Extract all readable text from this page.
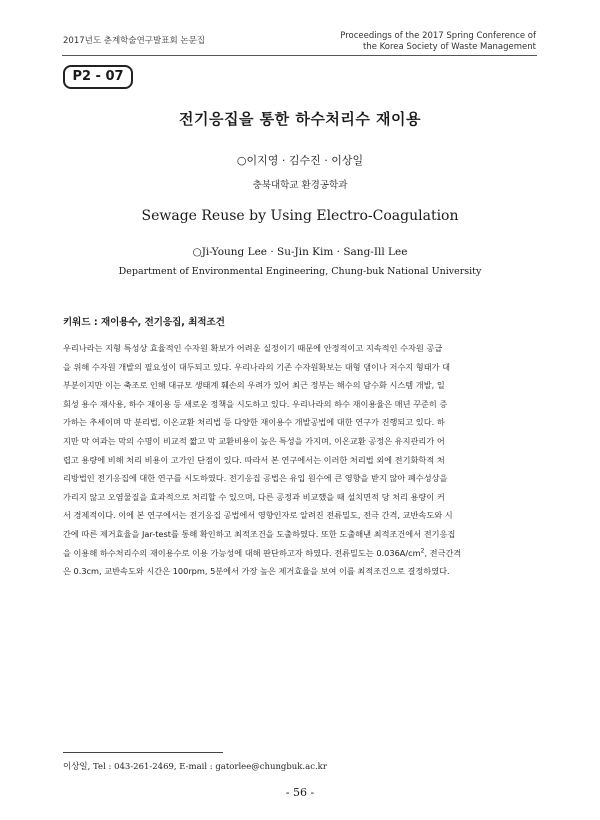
2017년도 춘계학술연구발표회 논문집	Proceedings of the 2017 Spring Conference of
the Korea Society of Waste Management
P2 - 07
전기응집을 통한 하수처리수 재이용
○이지영 · 김수진 · 이상일
충북대학교 환경공학과
Sewage Reuse by Using Electro-Coagulation
○Ji-Young Lee · Su-Jin Kim · Sang-Ill Lee
Department of Environmental Engineering, Chung-buk National University
키워드 : 재이용수, 전기응집, 최적조건
우리나라는 지형 특성상 효율적인 수자원 확보가 어려운 실정이기 때문에 안정적이고 지속적인 수자원 공급
을 위해 수자원 개발의 필요성이 대두되고 있다. 우리나라의 기존 수자원확보는 대형 댐이나 저수지 형태가 대
부분이지만 이는 축조로 인해 대규모 생태계 훼손의 우려가 있어 최근 정부는 해수의 담수화 시스템 개발, 일
회성 용수 재사용, 하수 재이용 등 새로운 정책을 시도하고 있다. 우리나라의 하수 재이용율은 매년 꾸준히 증
가하는 추세이며 막 분리법, 이온교환 처리법 등 다양한 재이용수 개발공법에 대한 연구가 진행되고 있다. 하
지만 막 여과는 막의 수명이 비교적 짧고 막 교환비용이 높은 특성을 가지며, 이온교환 공정은 유지관리가 어
렵고 용량에 비해 처리 비용이 고가인 단점이 있다. 따라서 본 연구에서는 이러한 처리법 외에 전기화학적 처
리방법인 전기응집에 대한 연구를 시도하였다. 전기응집 공법은 유입 원수에 큰 영향을 받지 않아 폐수성상을
가리지 않고 오염물질을 효과적으로 처리할 수 있으며, 다른 공정과 비교했을 때 설치면적 당 처리 용량이 커
서 경제적이다. 이에 본 연구에서는 전기응집 공법에서 영향인자로 알려진 전류밀도, 전극 간격, 교반속도와 시
간에 따른 제거효율을 Jar-test를 통해 확인하고 최적조건을 도출하였다. 또한 도출해낸 최적조건에서 전기응집
을 이용해 하수처리수의 재이용수로 이용 가능성에 대해 판단하고자 하였다. 전류밀도는 $0.036A/cm^2$, 전극간격
은 0.3cm, 교반속도와 시간은 100rpm, 5분에서 가장 높은 제거효율을 보여 이를 최적조건으로 결정하였다.
이상일, Tel : 043-261-2469, E-mail : gatorlee@chungbuk.ac.kr
- 56 -
